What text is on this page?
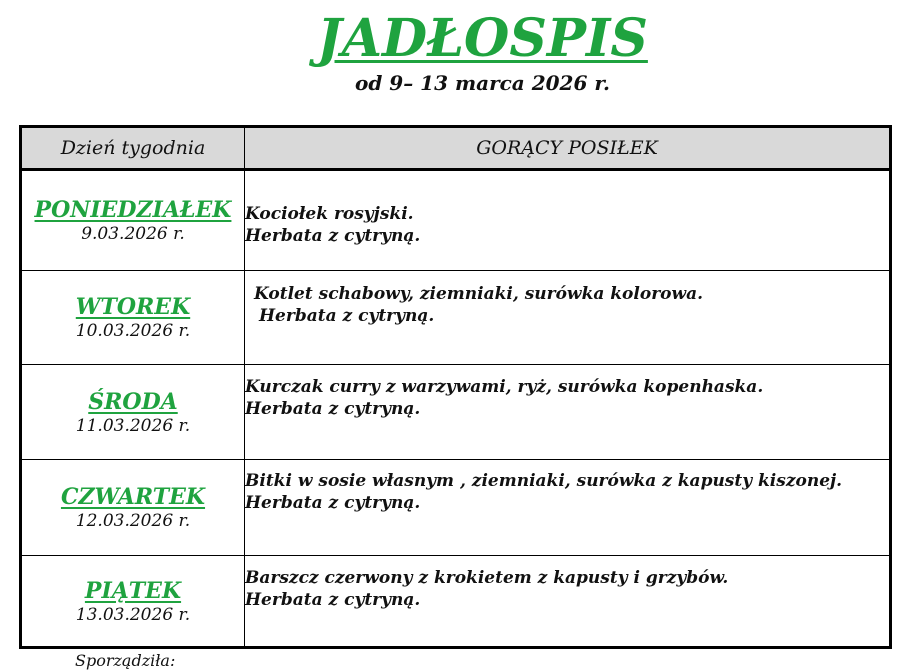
JADŁOSPIS
od 9– 13 marca 2026 r.
Dzień tygodnia	GORĄCY POSIŁEK

PONIEDZIAŁEK
9.03.2026 r.	Kociołek rosyjski.
Herbata z cytryną.

WTOREK
10.03.2026 r.	Kotlet schabowy, ziemniaki, surówka kolorowa.
Herbata z cytryną.

ŚRODA
11.03.2026 r.	Kurczak curry z warzywami, ryż, surówka kopenhaska.
Herbata z cytryną.

CZWARTEK
12.03.2026 r.	Bitki w sosie własnym , ziemniaki, surówka z kapusty kiszonej.
Herbata z cytryną.

PIĄTEK
13.03.2026 r.	Barszcz czerwony z krokietem z kapusty i grzybów.
Herbata z cytryną.
Sporządziła:
